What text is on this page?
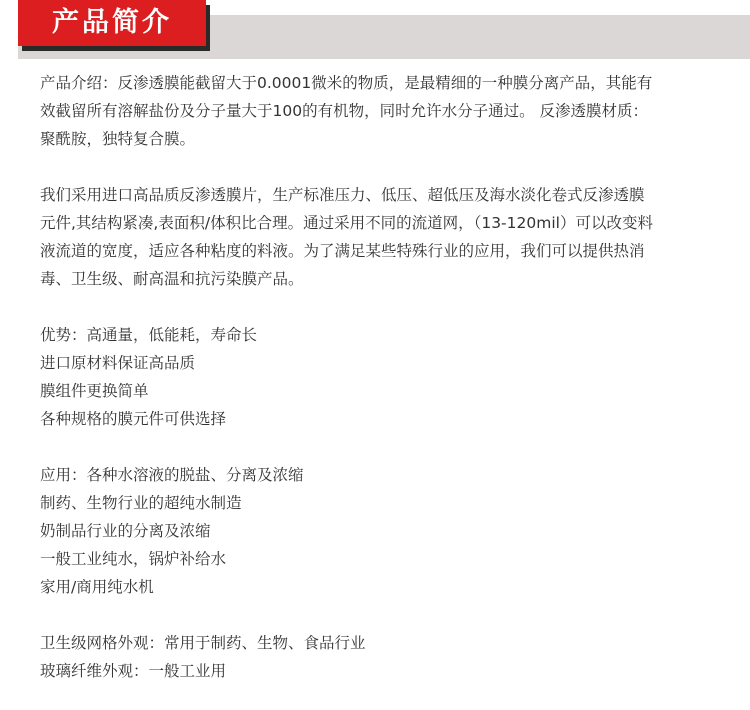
产品简介

产品介绍：反渗透膜能截留大于0.0001微米的物质，是最精细的一种膜分离产品，其能有
效截留所有溶解盐份及分子量大于100的有机物，同时允许水分子通过。 反渗透膜材质：
聚酰胺，独特复合膜。

我们采用进口高品质反渗透膜片，生产标准压力、低压、超低压及海水淡化卷式反渗透膜
元件,其结构紧凑,表面积/体积比合理。通过采用不同的流道网，（13-120mil）可以改变料
液流道的宽度，适应各种粘度的料液。为了满足某些特殊行业的应用，我们可以提供热消
毒、卫生级、耐高温和抗污染膜产品。

优势：高通量，低能耗，寿命长
进口原材料保证高品质
膜组件更换简单
各种规格的膜元件可供选择

应用：各种水溶液的脱盐、分离及浓缩
制药、生物行业的超纯水制造
奶制品行业的分离及浓缩
一般工业纯水，锅炉补给水
家用/商用纯水机

卫生级网格外观：常用于制药、生物、食品行业
玻璃纤维外观：一般工业用
